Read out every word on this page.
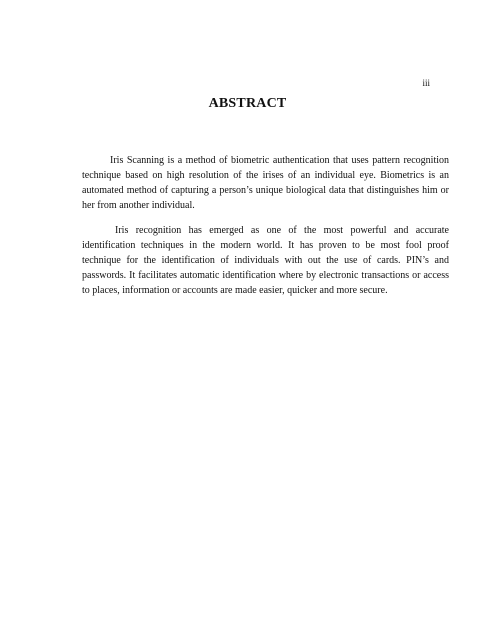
iii
ABSTRACT

Iris Scanning is a method of biometric authentication that uses pattern recognition technique based on high resolution of the irises of an individual eye. Biometrics is an automated method of capturing a person’s unique biological data that distinguishes him or her from another individual.

Iris recognition has emerged as one of the most powerful and accurate identification techniques in the modern world. It has proven to be most fool proof technique for the identification of individuals with out the use of cards. PIN’s and passwords. It facilitates automatic identification where by electronic transactions or access to places, information or accounts are made easier, quicker and more secure.
